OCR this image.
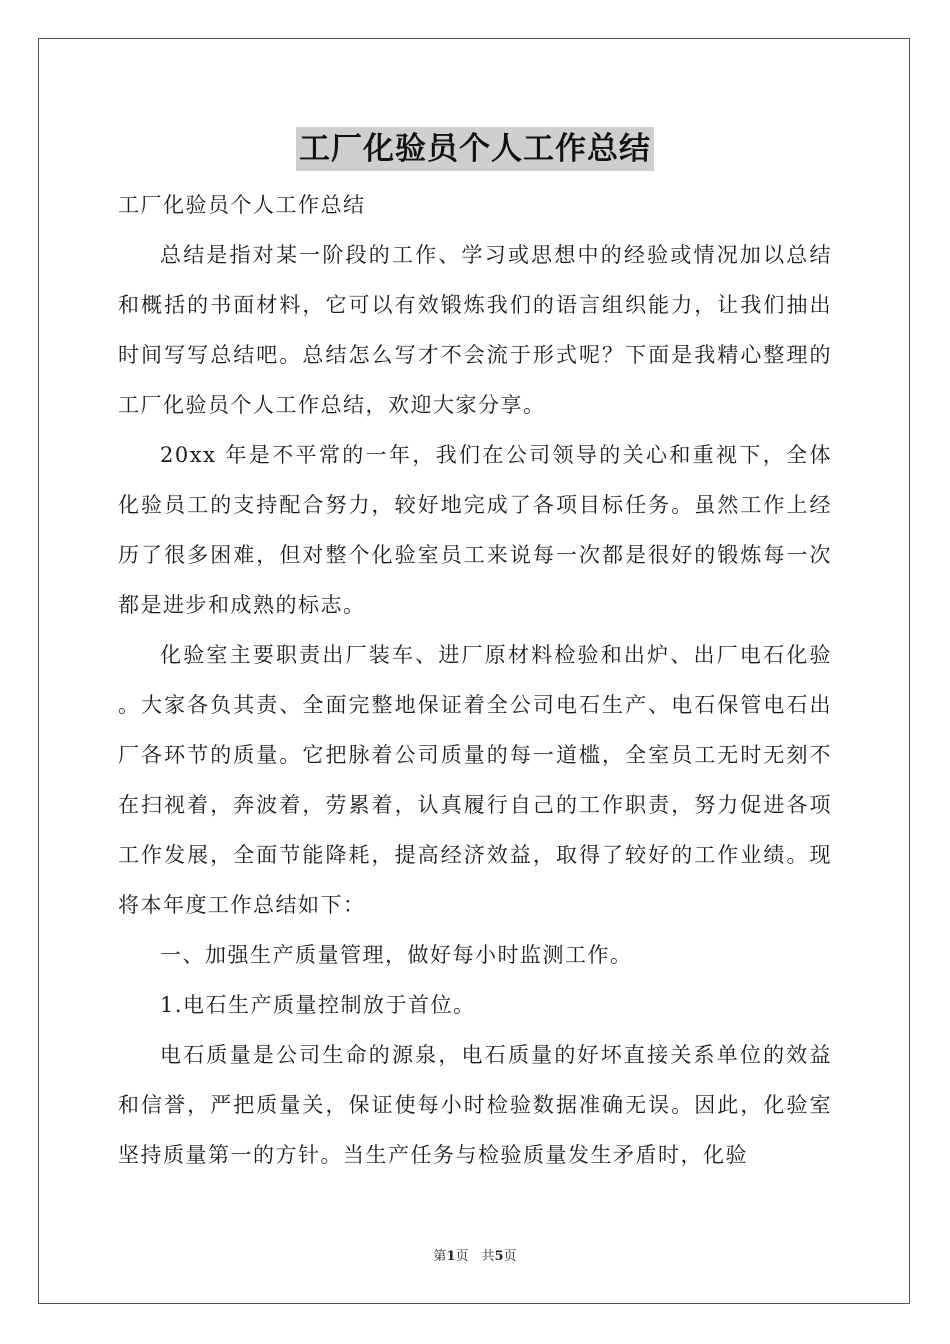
工厂化验员个人工作总结

工厂化验员个人工作总结

总结是指对某一阶段的工作、学习或思想中的经验或情况加以总结和概括的书面材料，它可以有效锻炼我们的语言组织能力，让我们抽出时间写写总结吧。总结怎么写才不会流于形式呢？下面是我精心整理的工厂化验员个人工作总结，欢迎大家分享。

20xx 年是不平常的一年，我们在公司领导的关心和重视下，全体化验员工的支持配合努力，较好地完成了各项目标任务。虽然工作上经历了很多困难，但对整个化验室员工来说每一次都是很好的锻炼每一次都是进步和成熟的标志。

化验室主要职责出厂装车、进厂原材料检验和出炉、出厂电石化验 。大家各负其责、全面完整地保证着全公司电石生产、电石保管电石出厂各环节的质量。它把脉着公司质量的每一道槛，全室员工无时无刻不在扫视着，奔波着，劳累着，认真履行自己的工作职责，努力促进各项工作发展，全面节能降耗，提高经济效益，取得了较好的工作业绩。现将本年度工作总结如下：

一、加强生产质量管理，做好每小时监测工作。

1.电石生产质量控制放于首位。

电石质量是公司生命的源泉，电石质量的好坏直接关系单位的效益和信誉，严把质量关，保证使每小时检验数据准确无误。因此，化验室坚持质量第一的方针。当生产任务与检验质量发生矛盾时，化验

第1页　共5页
